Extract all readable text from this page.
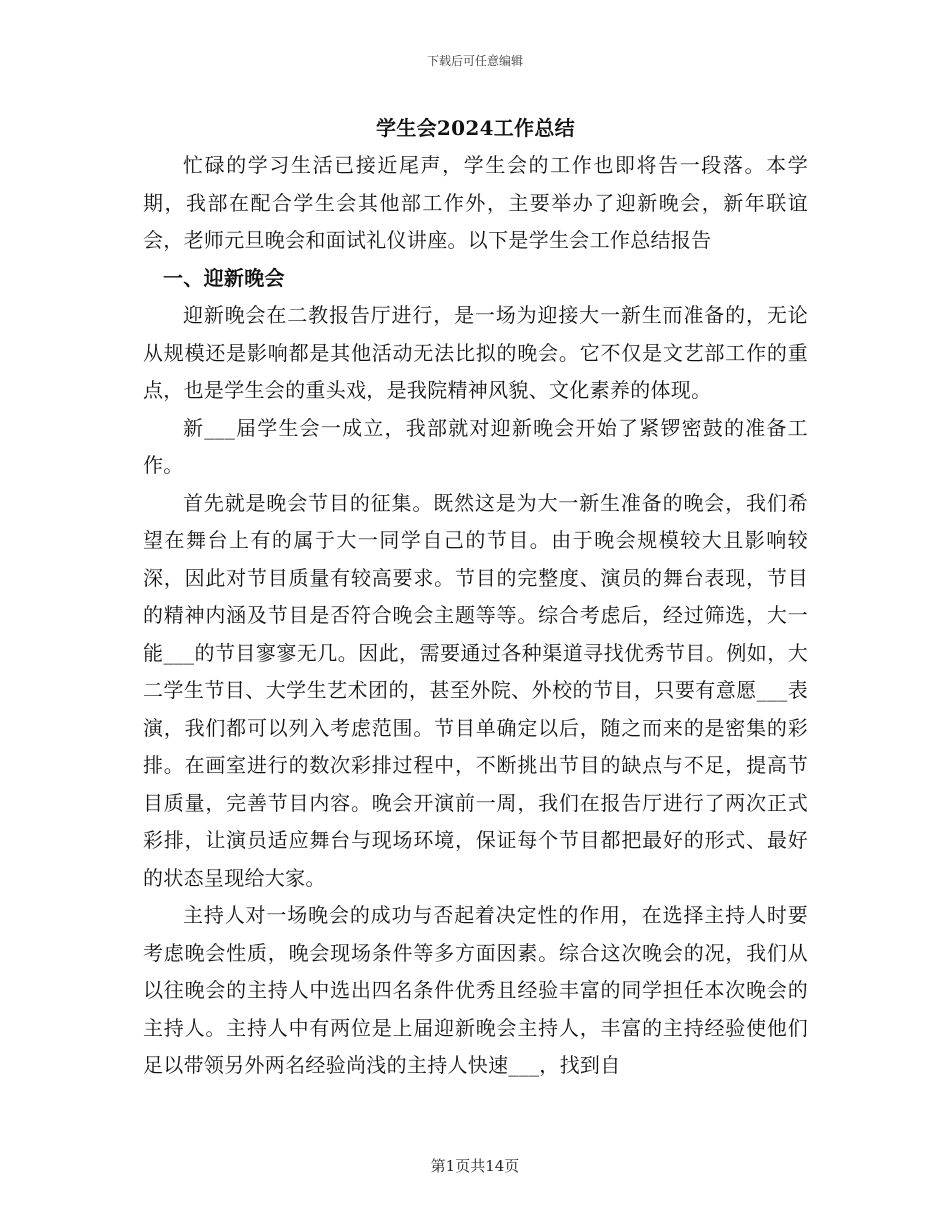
下载后可任意编辑
学生会2024工作总结

忙碌的学习生活已接近尾声，学生会的工作也即将告一段落。本学期，我部在配合学生会其他部工作外，主要举办了迎新晚会，新年联谊会，老师元旦晚会和面试礼仪讲座。以下是学生会工作总结报告

一、迎新晚会

迎新晚会在二教报告厅进行，是一场为迎接大一新生而准备的，无论从规模还是影响都是其他活动无法比拟的晚会。它不仅是文艺部工作的重点，也是学生会的重头戏，是我院精神风貌、文化素养的体现。

新___届学生会一成立，我部就对迎新晚会开始了紧锣密鼓的准备工作。

首先就是晚会节目的征集。既然这是为大一新生准备的晚会，我们希望在舞台上有的属于大一同学自己的节目。由于晚会规模较大且影响较深，因此对节目质量有较高要求。节目的完整度、演员的舞台表现，节目的精神内涵及节目是否符合晚会主题等等。综合考虑后，经过筛选，大一能___的节目寥寥无几。因此，需要通过各种渠道寻找优秀节目。例如，大二学生节目、大学生艺术团的，甚至外院、外校的节目，只要有意愿___表演，我们都可以列入考虑范围。节目单确定以后，随之而来的是密集的彩排。在画室进行的数次彩排过程中，不断挑出节目的缺点与不足，提高节目质量，完善节目内容。晚会开演前一周，我们在报告厅进行了两次正式彩排，让演员适应舞台与现场环境，保证每个节目都把最好的形式、最好的状态呈现给大家。

主持人对一场晚会的成功与否起着决定性的作用，在选择主持人时要考虑晚会性质，晚会现场条件等多方面因素。综合这次晚会的况，我们从以往晚会的主持人中选出四名条件优秀且经验丰富的同学担任本次晚会的主持人。主持人中有两位是上届迎新晚会主持人，丰富的主持经验使他们足以带领另外两名经验尚浅的主持人快速___，找到自

第1页共14页
